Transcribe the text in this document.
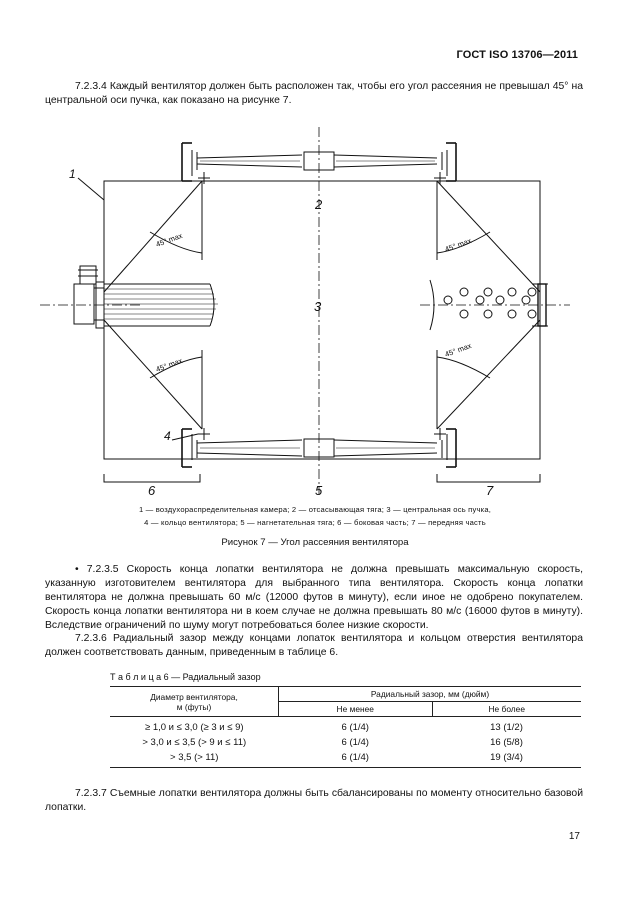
ГОСТ ISO 13706—2011
7.2.3.4 Каждый вентилятор должен быть расположен так, чтобы его угол рассеяния не превышал 45° на центральной оси пучка, как показано на рисунке 7.
1
2
3
4
5
6	7
45° max
45° max
45° max
45° max
1 — воздухораспределительная камера; 2 — отсасывающая тяга; 3 — центральная ось пучка,
4 — кольцо вентилятора; 5 — нагнетательная тяга; 6 — боковая часть; 7 — передняя часть
Рисунок 7 — Угол рассеяния вентилятора
• 7.2.3.5 Скорость конца лопатки вентилятора не должна превышать максимальную скорость, указанную изготовителем вентилятора для выбранного типа вентилятора. Скорость конца лопатки вентилятора не должна превышать 60 м/с (12000 футов в минуту), если иное не одобрено покупателем. Скорость конца лопатки вентилятора ни в коем случае не должна превышать 80 м/с (16000 футов в минуту). Вследствие ограничений по шуму могут потребоваться более низкие скорости.
7.2.3.6 Радиальный зазор между концами лопаток вентилятора и кольцом отверстия вентилятора должен соответствовать данным, приведенным в таблице 6.
Т а б л и ц а 6 — Радиальный зазор
Диаметр вентилятора,
м (футы)	Радиальный зазор, мм (дюйм)	
	Не менее	Не более
≥ 1,0 и ≤ 3,0 (≥ 3 и ≤ 9)	6 (1/4)	13 (1/2)
> 3,0 и ≤ 3,5 (> 9 и ≤ 11)	6 (1/4)	16 (5/8)
> 3,5 (> 11)	6 (1/4)	19 (3/4)
7.2.3.7 Съемные лопатки вентилятора должны быть сбалансированы по моменту относительно базовой лопатки.
17
